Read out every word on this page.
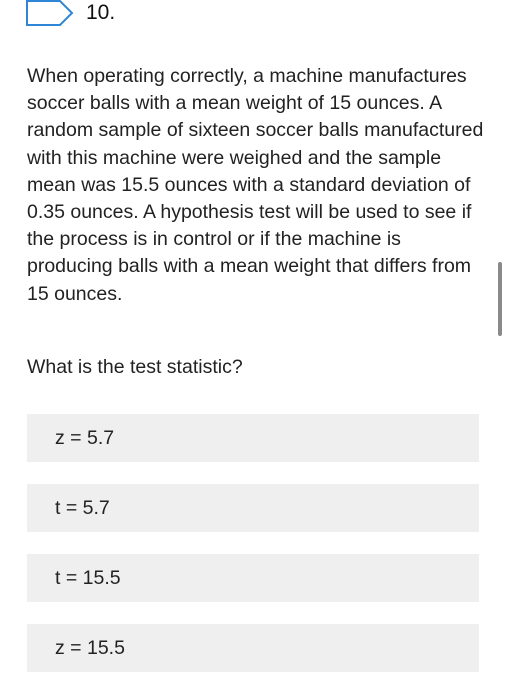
10.

When operating correctly, a machine manufactures soccer balls with a mean weight of 15 ounces. A random sample of sixteen soccer balls manufactured with this machine were weighed and the sample mean was 15.5 ounces with a standard deviation of 0.35 ounces. A hypothesis test will be used to see if the process is in control or if the machine is producing balls with a mean weight that differs from 15 ounces.

What is the test statistic?

z = 5.7
t = 5.7
t = 15.5
z = 15.5
